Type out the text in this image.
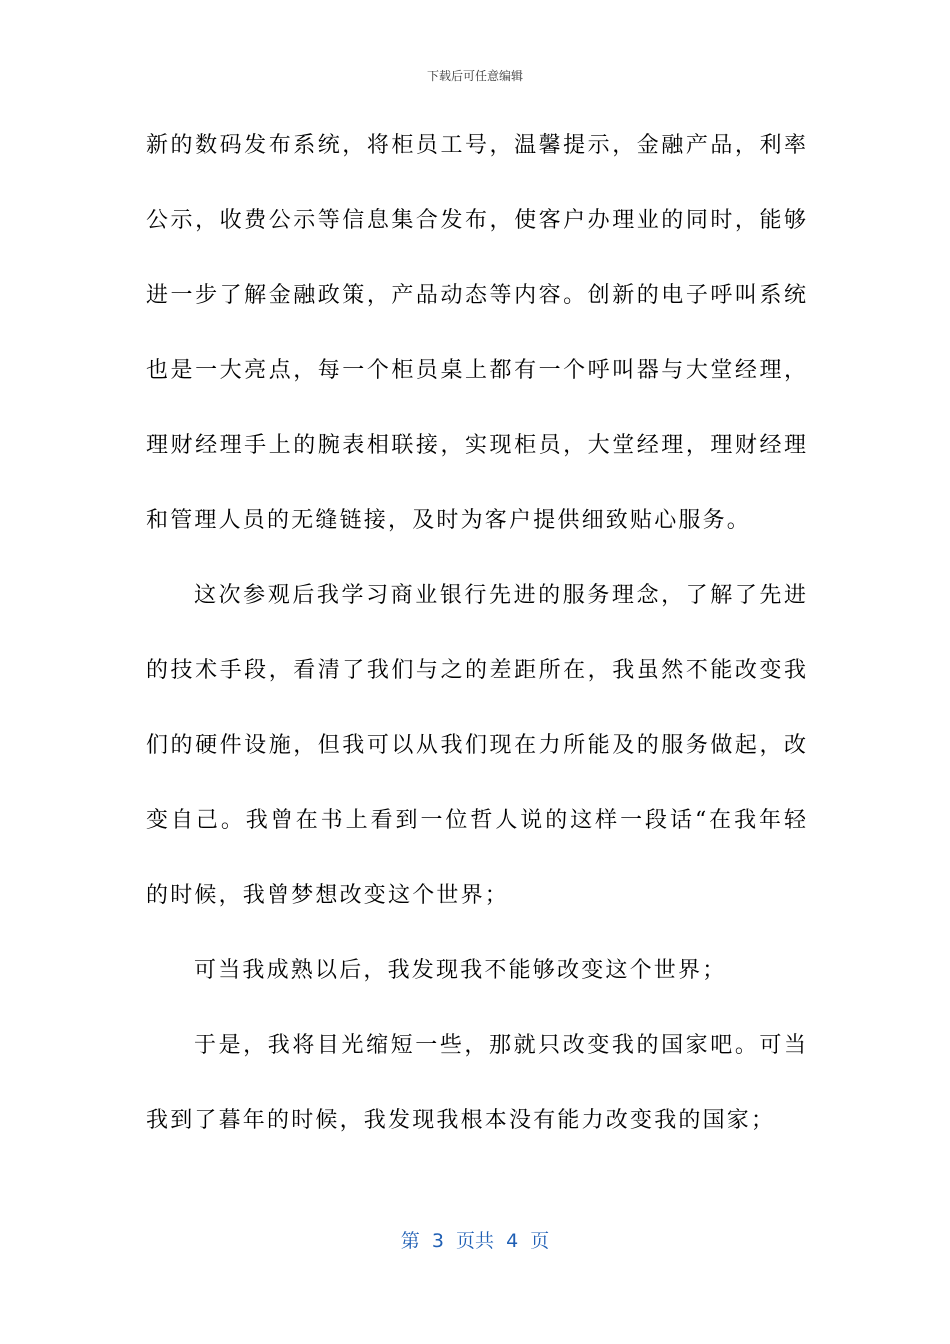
下载后可任意编辑
新的数码发布系统，将柜员工号，温馨提示，金融产品，利率
公示，收费公示等信息集合发布，使客户办理业的同时，能够
进一步了解金融政策，产品动态等内容。创新的电子呼叫系统
也是一大亮点，每一个柜员桌上都有一个呼叫器与大堂经理，
理财经理手上的腕表相联接，实现柜员，大堂经理，理财经理
和管理人员的无缝链接，及时为客户提供细致贴心服务。
这次参观后我学习商业银行先进的服务理念，了解了先进
的技术手段，看清了我们与之的差距所在，我虽然不能改变我
们的硬件设施，但我可以从我们现在力所能及的服务做起，改
变自己。我曾在书上看到一位哲人说的这样一段话“在我年轻
的时候，我曾梦想改变这个世界；
可当我成熟以后，我发现我不能够改变这个世界；
于是，我将目光缩短一些，那就只改变我的国家吧。可当
我到了暮年的时候，我发现我根本没有能力改变我的国家；
第  3  页共  4  页
